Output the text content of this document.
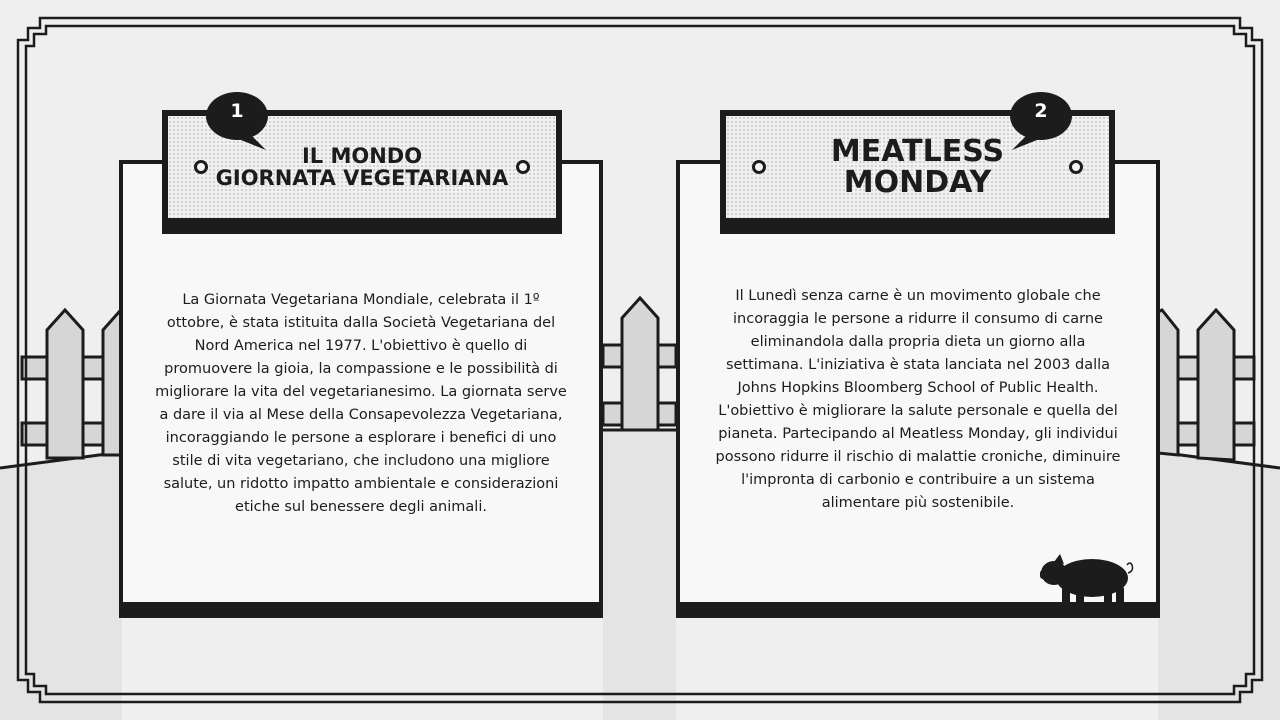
IL MONDO
GIORNATA VEGETARIANA
1
La Giornata Vegetariana Mondiale, celebrata il 1º ottobre, è stata istituita dalla Società Vegetariana del Nord America nel 1977. L'obiettivo è quello di promuovere la gioia, la compassione e le possibilità di migliorare la vita del vegetarianesimo. La giornata serve a dare il via al Mese della Consapevolezza Vegetariana, incoraggiando le persone a esplorare i benefici di uno stile di vita vegetariano, che includono una migliore salute, un ridotto impatto ambientale e considerazioni etiche sul benessere degli animali.
MEATLESS
MONDAY
2
Il Lunedì senza carne è un movimento globale che incoraggia le persone a ridurre il consumo di carne eliminandola dalla propria dieta un giorno alla settimana. L'iniziativa è stata lanciata nel 2003 dalla Johns Hopkins Bloomberg School of Public Health. L'obiettivo è migliorare la salute personale e quella del pianeta. Partecipando al Meatless Monday, gli individui possono ridurre il rischio di malattie croniche, diminuire l'impronta di carbonio e contribuire a un sistema alimentare più sostenibile.
